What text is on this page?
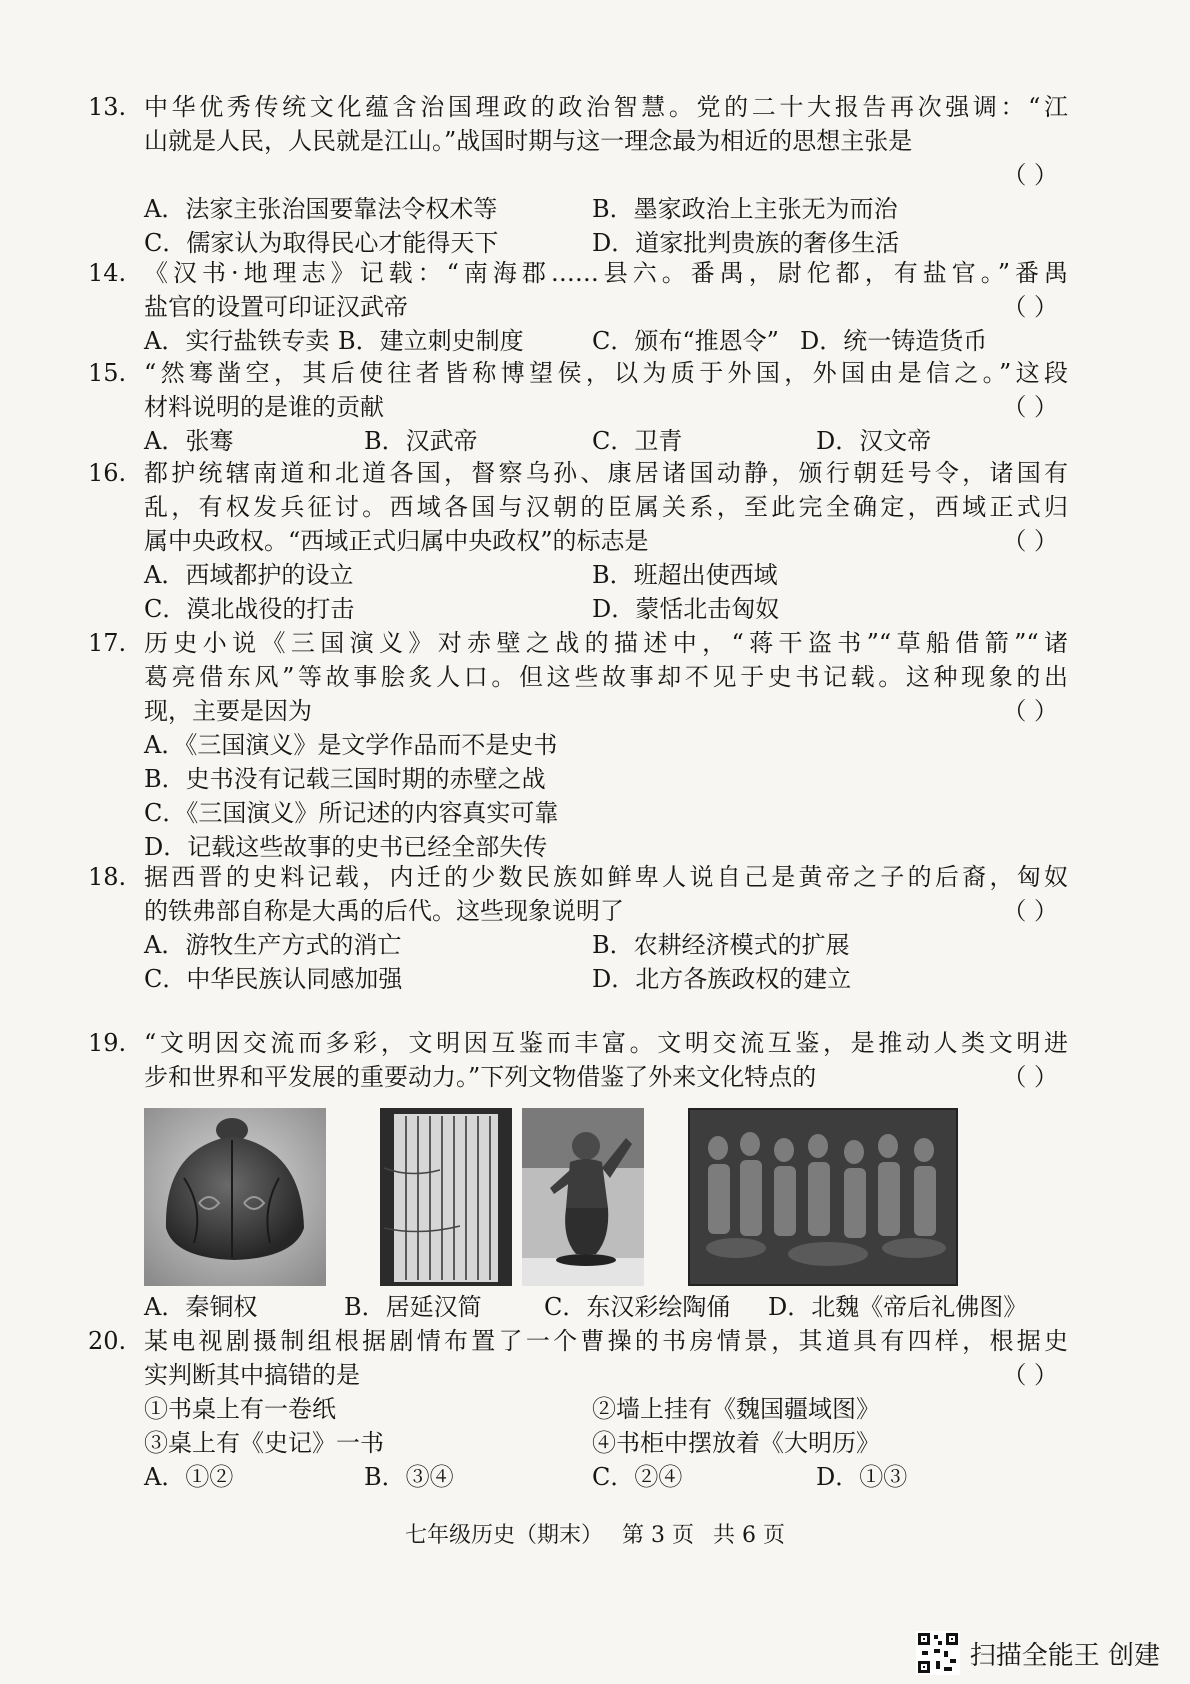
13. 中华优秀传统文化蕴含治国理政的政治智慧。党的二十大报告再次强调：“江
山就是人民，人民就是江山。”战国时期与这一理念最为相近的思想主张是
（ ）
A．法家主张治国要靠法令权术等	B．墨家政治上主张无为而治
C．儒家认为取得民心才能得天下	D．道家批判贵族的奢侈生活
14. 《汉书·地理志》记载：“南海郡……县六。番禺，尉佗都，有盐官。”番禺
盐官的设置可印证汉武帝	（ ）
A．实行盐铁专卖 B．建立刺史制度	C．颁布“推恩令” D．统一铸造货币
15. “然骞凿空，其后使往者皆称博望侯，以为质于外国，外国由是信之。”这段
材料说明的是谁的贡献	（ ）
A．张骞	B．汉武帝	C．卫青	D．汉文帝
16. 都护统辖南道和北道各国，督察乌孙、康居诸国动静，颁行朝廷号令，诸国有
乱，有权发兵征讨。西域各国与汉朝的臣属关系，至此完全确定，西域正式归
属中央政权。“西域正式归属中央政权”的标志是	（ ）
A．西域都护的设立	B．班超出使西域
C．漠北战役的打击	D．蒙恬北击匈奴
17. 历史小说《三国演义》对赤壁之战的描述中，“蒋干盗书”“草船借箭”“诸
葛亮借东风”等故事脍炙人口。但这些故事却不见于史书记载。这种现象的出
现，主要是因为	（ ）
A．《三国演义》是文学作品而不是史书
B．史书没有记载三国时期的赤壁之战
C．《三国演义》所记述的内容真实可靠
D．记载这些故事的史书已经全部失传
18. 据西晋的史料记载，内迁的少数民族如鲜卑人说自己是黄帝之子的后裔，匈奴
的铁弗部自称是大禹的后代。这些现象说明了	（ ）
A．游牧生产方式的消亡	B．农耕经济模式的扩展
C．中华民族认同感加强	D．北方各族政权的建立
19. “文明因交流而多彩，文明因互鉴而丰富。文明交流互鉴，是推动人类文明进
步和世界和平发展的重要动力。”下列文物借鉴了外来文化特点的	（ ）
A．秦铜权	B．居延汉简	C．东汉彩绘陶俑 D．北魏《帝后礼佛图》
20. 某电视剧摄制组根据剧情布置了一个曹操的书房情景，其道具有四样，根据史
实判断其中搞错的是	（ ）
①书桌上有一卷纸	②墙上挂有《魏国疆域图》
③桌上有《史记》一书	④书柜中摆放着《大明历》
A．①②	B．③④	C．②④	D．①③
七年级历史（期末） 第 3 页 共 6 页
扫描全能王 创建
